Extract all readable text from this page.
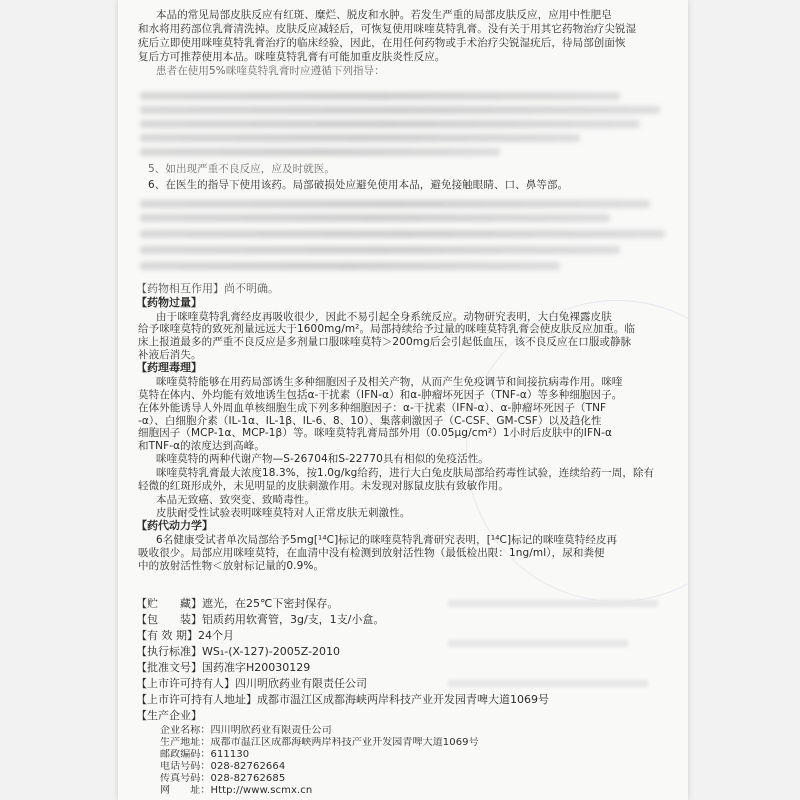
本品的常见局部皮肤反应有红斑、糜烂、脱皮和水肿。若发生严重的局部皮肤反应，应用中性肥皂
和水将用药部位乳膏清洗掉。皮肤反应减轻后，可恢复使用咪喹莫特乳膏。没有关于用其它药物治疗尖锐湿
疣后立即使用咪喹莫特乳膏治疗的临床经验，因此，在用任何药物或手术治疗尖锐湿疣后，待局部创面恢
复后方可推荐使用本品。咪喹莫特乳膏有可能加重皮肤炎性反应。
患者在使用5%咪喹莫特乳膏时应遵循下列指导：
5、如出现严重不良反应，应及时就医。
6、在医生的指导下使用该药。局部破损处应避免使用本品，避免接触眼睛、口、鼻等部。
【药物相互作用】尚不明确。
【药物过量】
由于咪喹莫特乳膏经皮再吸收很少，因此不易引起全身系统反应。动物研究表明，大白兔裸露皮肤
给予咪喹莫特的致死剂量远远大于1600mg/m²。局部持续给予过量的咪喹莫特乳膏会使皮肤反应加重。临
床上报道最多的严重不良反应是多剂量口服咪喹莫特＞200mg后会引起低血压，该不良反应在口服或静脉
补液后消失。
【药理毒理】
咪喹莫特能够在用药局部诱生多种细胞因子及相关产物，从而产生免疫调节和间接抗病毒作用。咪喹
莫特在体内、外均能有效地诱生包括α-干扰素（IFN-α）和α-肿瘤坏死因子（TNF-α）等多种细胞因子。
在体外能诱导人外周血单核细胞生成下列多种细胞因子：α-干扰素（IFN-α）、α-肿瘤坏死因子（TNF
-α）、白细胞介素（IL-1α、IL-1β、IL-6、8、10）、集落刺激因子（C-CSF、GM-CSF）以及趋化性
细胞因子（MCP-1α、MCP-1β）等。咪喹莫特乳膏局部外用（0.05μg/cm²）1小时后皮肤中的IFN-α
和TNF-α的浓度达到高峰。
咪喹莫特的两种代谢产物—S-26704和S-22770具有相似的免疫活性。
咪喹莫特乳膏最大浓度18.3%，按1.0g/kg给药，进行大白兔皮肤局部给药毒性试验，连续给药一周，除有
轻微的红斑形成外，未见明显的皮肤刺激作用。未发现对豚鼠皮肤有致敏作用。
本品无致癌、致突变、致畸毒性。
皮肤耐受性试验表明咪喹莫特对人正常皮肤无刺激性。
【药代动力学】
6名健康受试者单次局部给予5mg[¹⁴C]标记的咪喹莫特乳膏研究表明，[¹⁴C]标记的咪喹莫特经皮再
吸收很少。局部应用咪喹莫特，在血清中没有检测到放射活性物（最低检出限：1ng/ml），尿和粪便
中的放射活性物＜放射标记量的0.9%。
【贮　　藏】遮光，在25℃下密封保存。
【包　　装】铝质药用软膏管，3g/支，1支/小盒。
【有 效 期】24个月
【执行标准】WS₁-(X-127)-2005Z-2010
【批准文号】国药准字H20030129
【上市许可持有人】四川明欣药业有限责任公司
【上市许可持有人地址】成都市温江区成都海峡两岸科技产业开发园青啤大道1069号
【生产企业】
企业名称：四川明欣药业有限责任公司
生产地址：成都市温江区成都海峡两岸科技产业开发园青啤大道1069号
邮政编码：611130
电话号码：028-82762664
传真号码：028-82762685
网　　址：Http://www.scmx.cn
